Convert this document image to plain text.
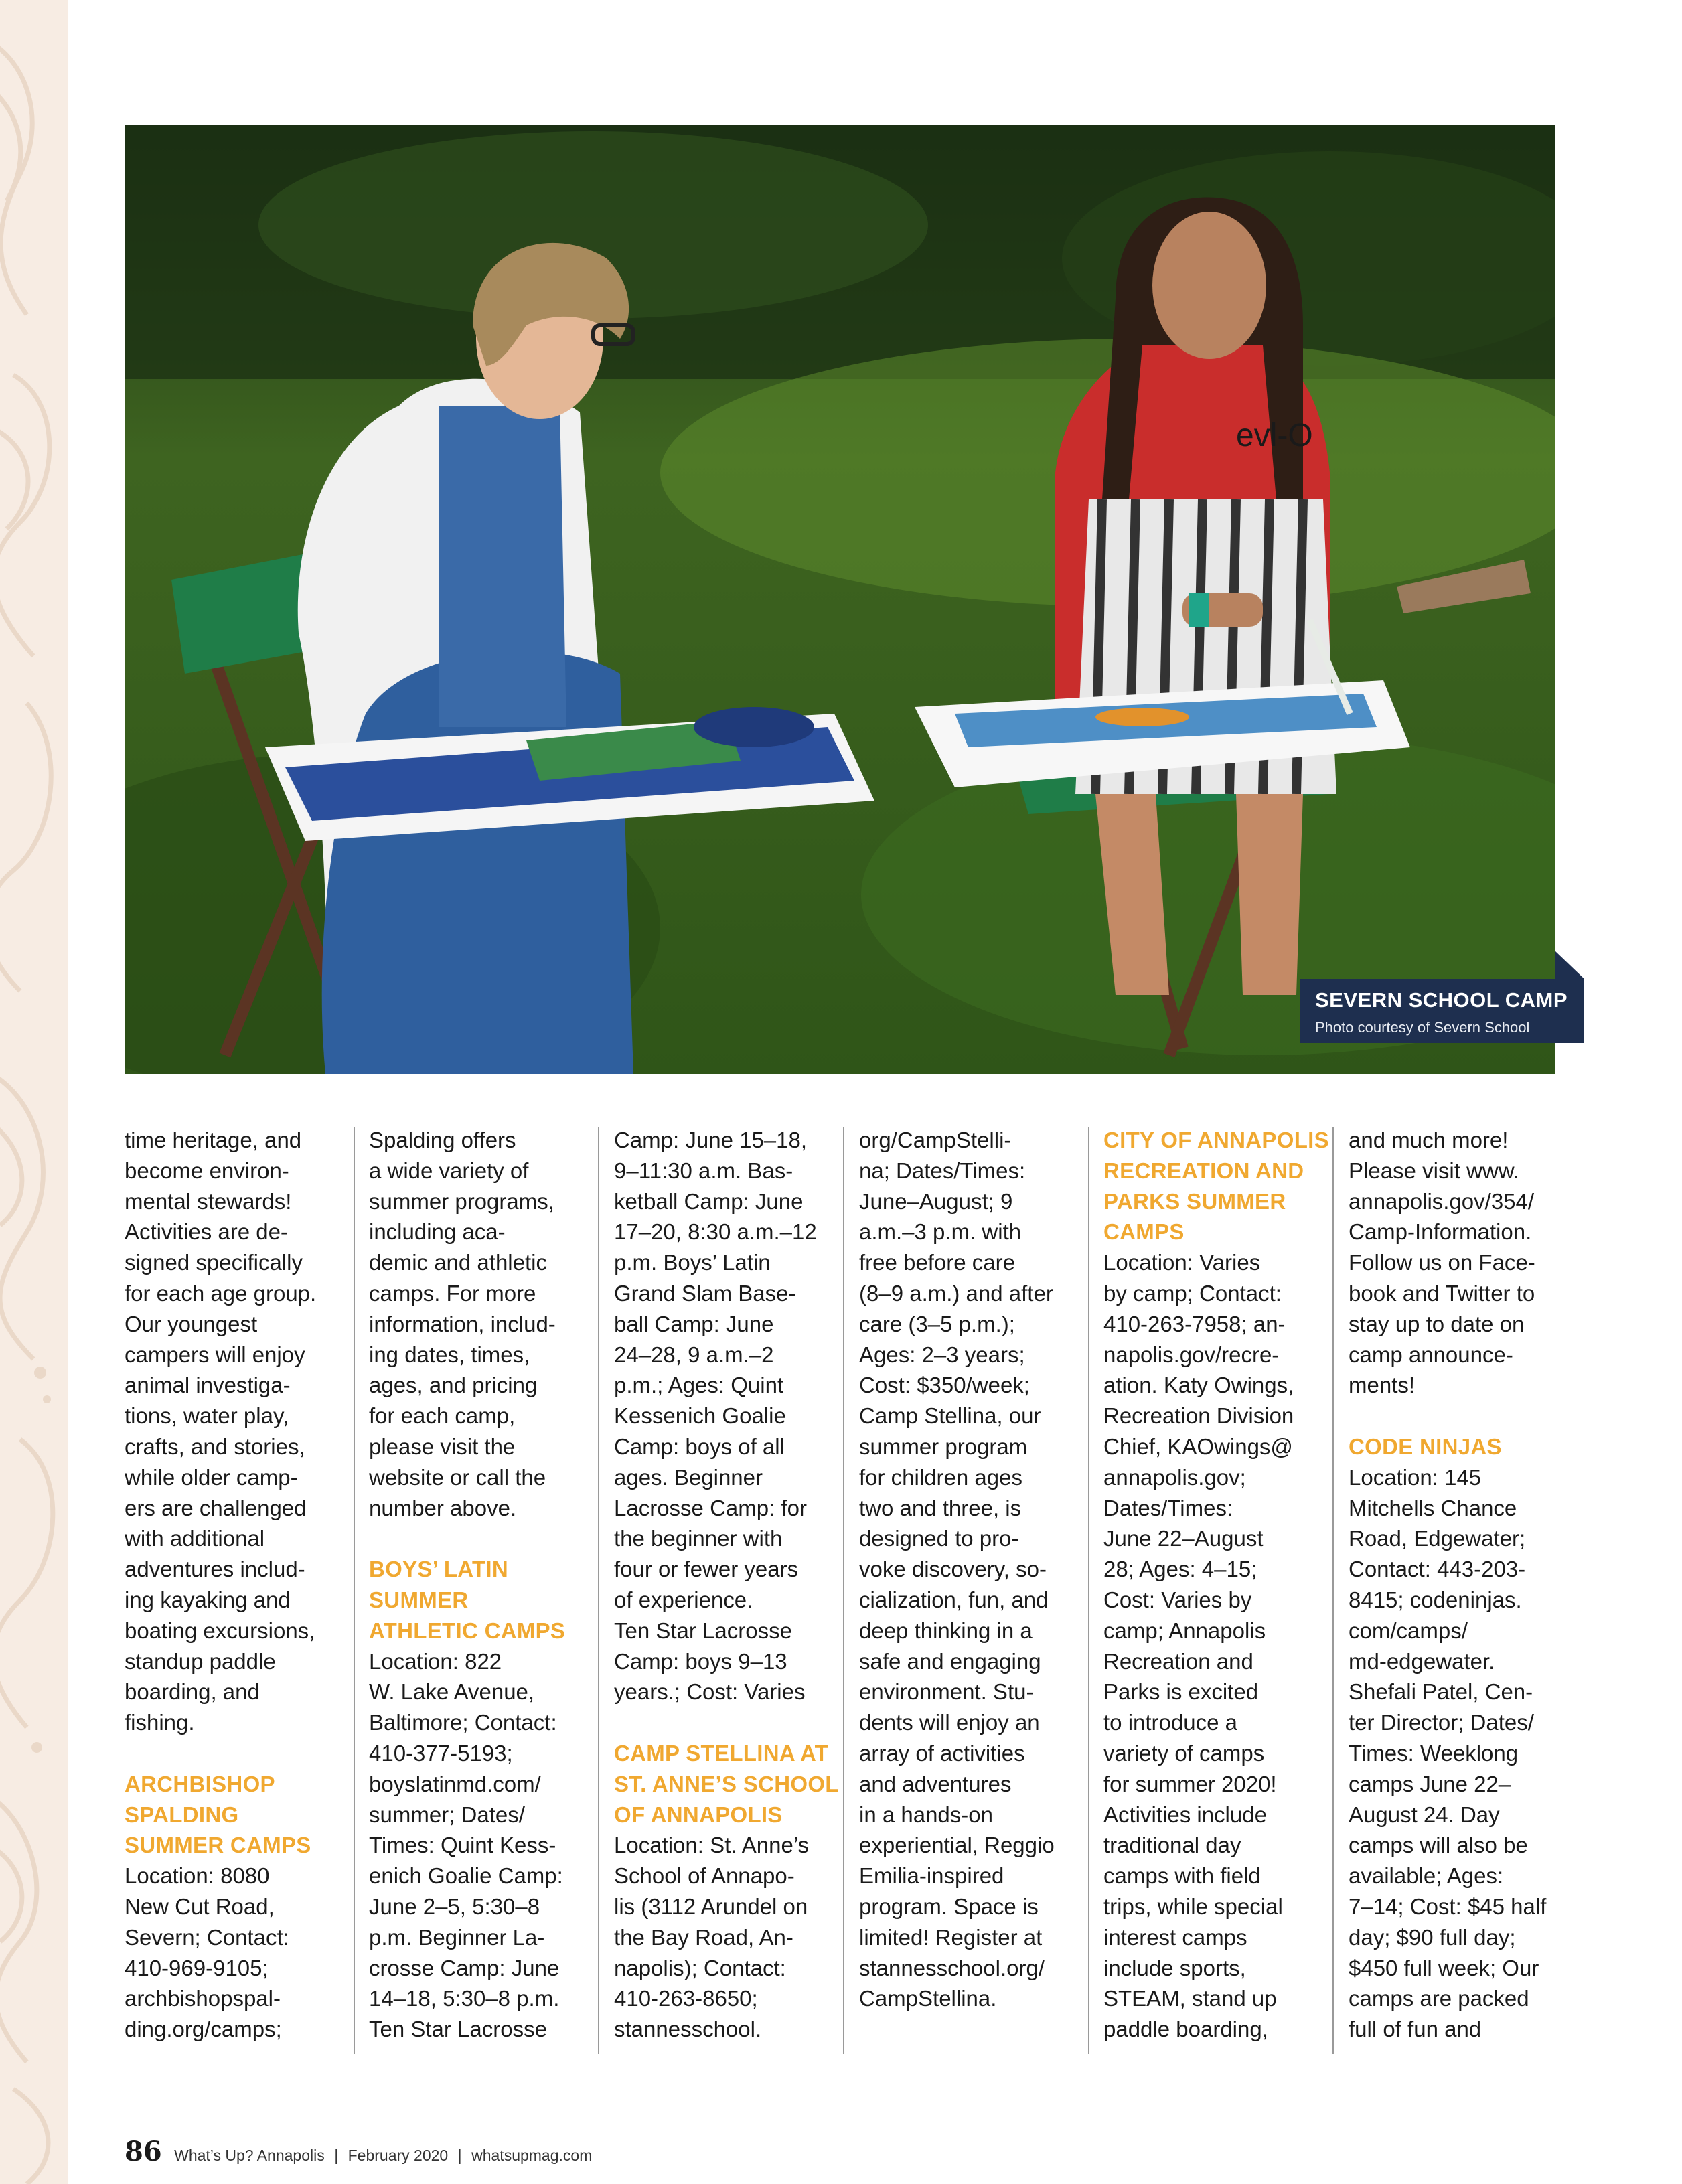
evl-O
SEVERN SCHOOL CAMP
Photo courtesy of Severn School
time heritage, and
become environ-
mental stewards!
Activities are de-
signed specifically
for each age group.
Our youngest
campers will enjoy
animal investiga-
tions, water play,
crafts, and stories,
while older camp-
ers are challenged
with additional
adventures includ-
ing kayaking and
boating excursions,
standup paddle
boarding, and
fishing.
ARCHBISHOP
SPALDING
SUMMER CAMPS
Location: 8080
New Cut Road,
Severn; Contact:
410-969-9105;
archbishopspal-
ding.org/camps;
Spalding offers
a wide variety of
summer programs,
including aca-
demic and athletic
camps. For more
information, includ-
ing dates, times,
ages, and pricing
for each camp,
please visit the
website or call the
number above.
BOYS’ LATIN
SUMMER
ATHLETIC CAMPS
Location: 822
W. Lake Avenue,
Baltimore; Contact:
410-377-5193;
boyslatinmd.com/
summer; Dates/
Times: Quint Kess-
enich Goalie Camp:
June 2–5, 5:30–8
p.m. Beginner La-
crosse Camp: June
14–18, 5:30–8 p.m.
Ten Star Lacrosse
Camp: June 15–18,
9–11:30 a.m. Bas-
ketball Camp: June
17–20, 8:30 a.m.–12
p.m. Boys’ Latin
Grand Slam Base-
ball Camp: June
24–28, 9 a.m.–2
p.m.; Ages: Quint
Kessenich Goalie
Camp: boys of all
ages. Beginner
Lacrosse Camp: for
the beginner with
four or fewer years
of experience.
Ten Star Lacrosse
Camp: boys 9–13
years.; Cost: Varies
CAMP STELLINA AT
ST. ANNE’S SCHOOL
OF ANNAPOLIS
Location: St. Anne’s
School of Annapo-
lis (3112 Arundel on
the Bay Road, An-
napolis); Contact:
410-263-8650;
stannesschool.
org/CampStelli-
na; Dates/Times:
June–August; 9
a.m.–3 p.m. with
free before care
(8–9 a.m.) and after
care (3–5 p.m.);
Ages: 2–3 years;
Cost: $350/week;
Camp Stellina, our
summer program
for children ages
two and three, is
designed to pro-
voke discovery, so-
cialization, fun, and
deep thinking in a
safe and engaging
environment. Stu-
dents will enjoy an
array of activities
and adventures
in a hands-on
experiential, Reggio
Emilia-inspired
program. Space is
limited! Register at
stannesschool.org/
CampStellina.
CITY OF ANNAPOLIS
RECREATION AND
PARKS SUMMER
CAMPS
Location: Varies
by camp; Contact:
410-263-7958; an-
napolis.gov/recre-
ation. Katy Owings,
Recreation Division
Chief, KAOwings@
annapolis.gov;
Dates/Times:
June 22–August
28; Ages: 4–15;
Cost: Varies by
camp; Annapolis
Recreation and
Parks is excited
to introduce a
variety of camps
for summer 2020!
Activities include
traditional day
camps with field
trips, while special
interest camps
include sports,
STEAM, stand up
paddle boarding,
and much more!
Please visit www.
annapolis.gov/354/
Camp-Information.
Follow us on Face-
book and Twitter to
stay up to date on
camp announce-
ments!
CODE NINJAS
Location: 145
Mitchells Chance
Road, Edgewater;
Contact: 443-203-
8415; codeninjas.
com/camps/
md-edgewater.
Shefali Patel, Cen-
ter Director; Dates/
Times: Weeklong
camps June 22–
August 24. Day
camps will also be
available; Ages:
7–14; Cost: $45 half
day; $90 full day;
$450 full week; Our
camps are packed
full of fun and
86 What’s Up? Annapolis | February 2020 | whatsupmag.com
